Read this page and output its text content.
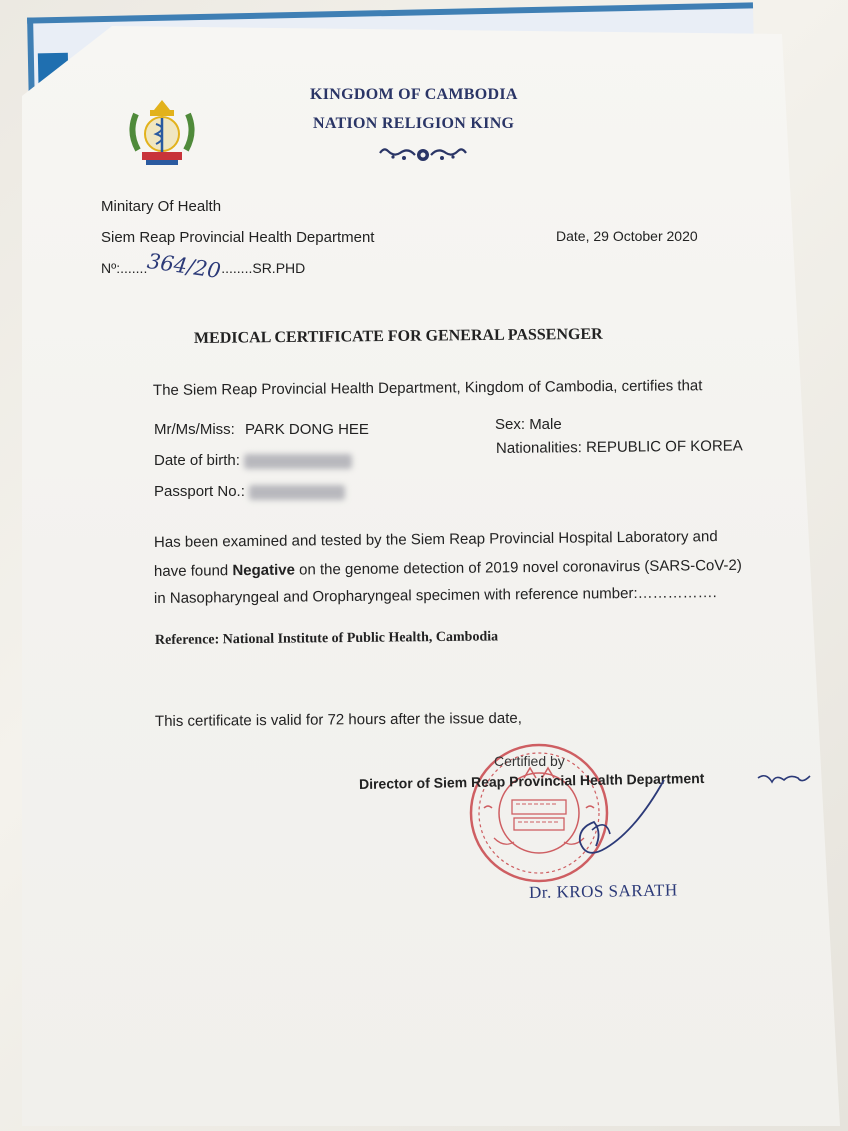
KINGDOM OF CAMBODIA
NATION RELIGION KING
Minitary Of Health
Siem Reap Provincial Health Department	Date, 29 October 2020
Nº:.......364/20........SR.PHD
MEDICAL CERTIFICATE FOR GENERAL PASSENGER
The Siem Reap Provincial Health Department, Kingdom of Cambodia, certifies that
Mr/Ms/Miss: PARK DONG HEE	Sex: Male
Date of birth:
Nationalities: REPUBLIC OF KOREA
Passport No.:
Has been examined and tested by the Siem Reap Provincial Hospital Laboratory and
have found Negative on the genome detection of 2019 novel coronavirus (SARS-CoV-2)
in Nasopharyngeal and Oropharyngeal specimen with reference number:…………….
Reference: National Institute of Public Health, Cambodia
This certificate is valid for 72 hours after the issue date,
Certified by
Director of Siem Reap Provincial Health Department
Dr. KROS SARATH
